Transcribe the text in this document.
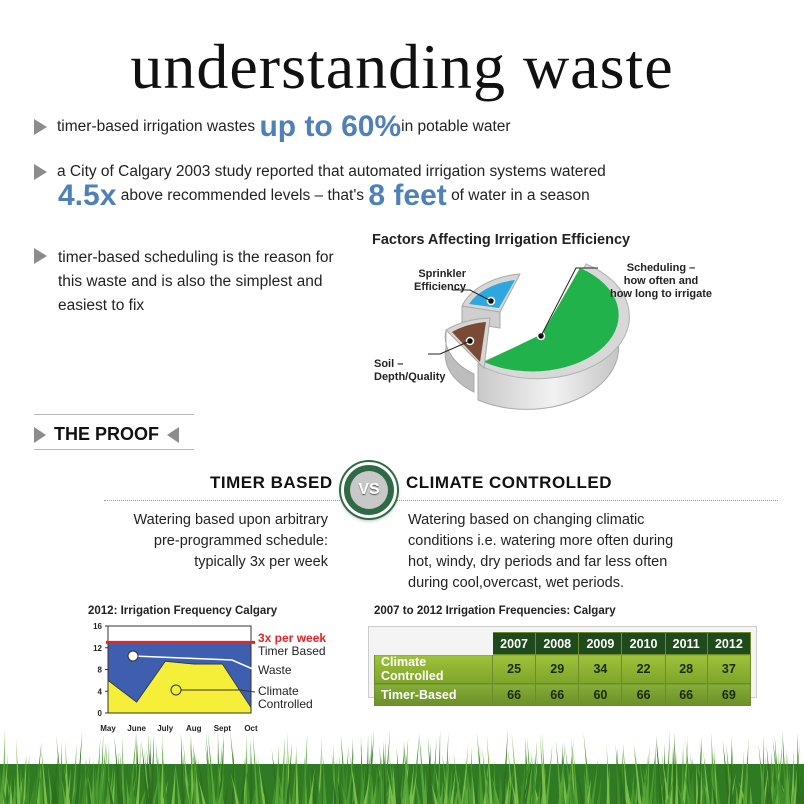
understanding waste
timer-based irrigation wastes up to 60%in potable water
a City of Calgary 2003 study reported that automated irrigation systems watered
4.5x above recommended levels – that's 8 feet of water in a season
timer-based scheduling is the reason for this waste and is also the simplest and easiest to fix
Factors Affecting Irrigation Efficiency
Sprinkler
Efficiency
Scheduling –
how often and
how long to irrigate
Soil –
Depth/Quality
THE PROOF
TIMER BASED	CLIMATE CONTROLLED
VS
Watering based upon arbitrary
pre-programmed schedule:
typically 3x per week
Watering based on changing climatic
conditions i.e. watering more often during
hot, windy, dry periods and far less often
during cool,overcast, wet periods.
2012: Irrigation Frequency Calgary
0
4
8
12
16
May June July Aug Sept Oct
3x per week
Timer Based
Waste
Climate
Controlled
2007 to 2012 Irrigation Frequencies: Calgary
	2007	2008	2009	2010	2011	2012
Climate Controlled	25	29	34	22	28	37
Timer-Based	66	66	60	66	66	69
